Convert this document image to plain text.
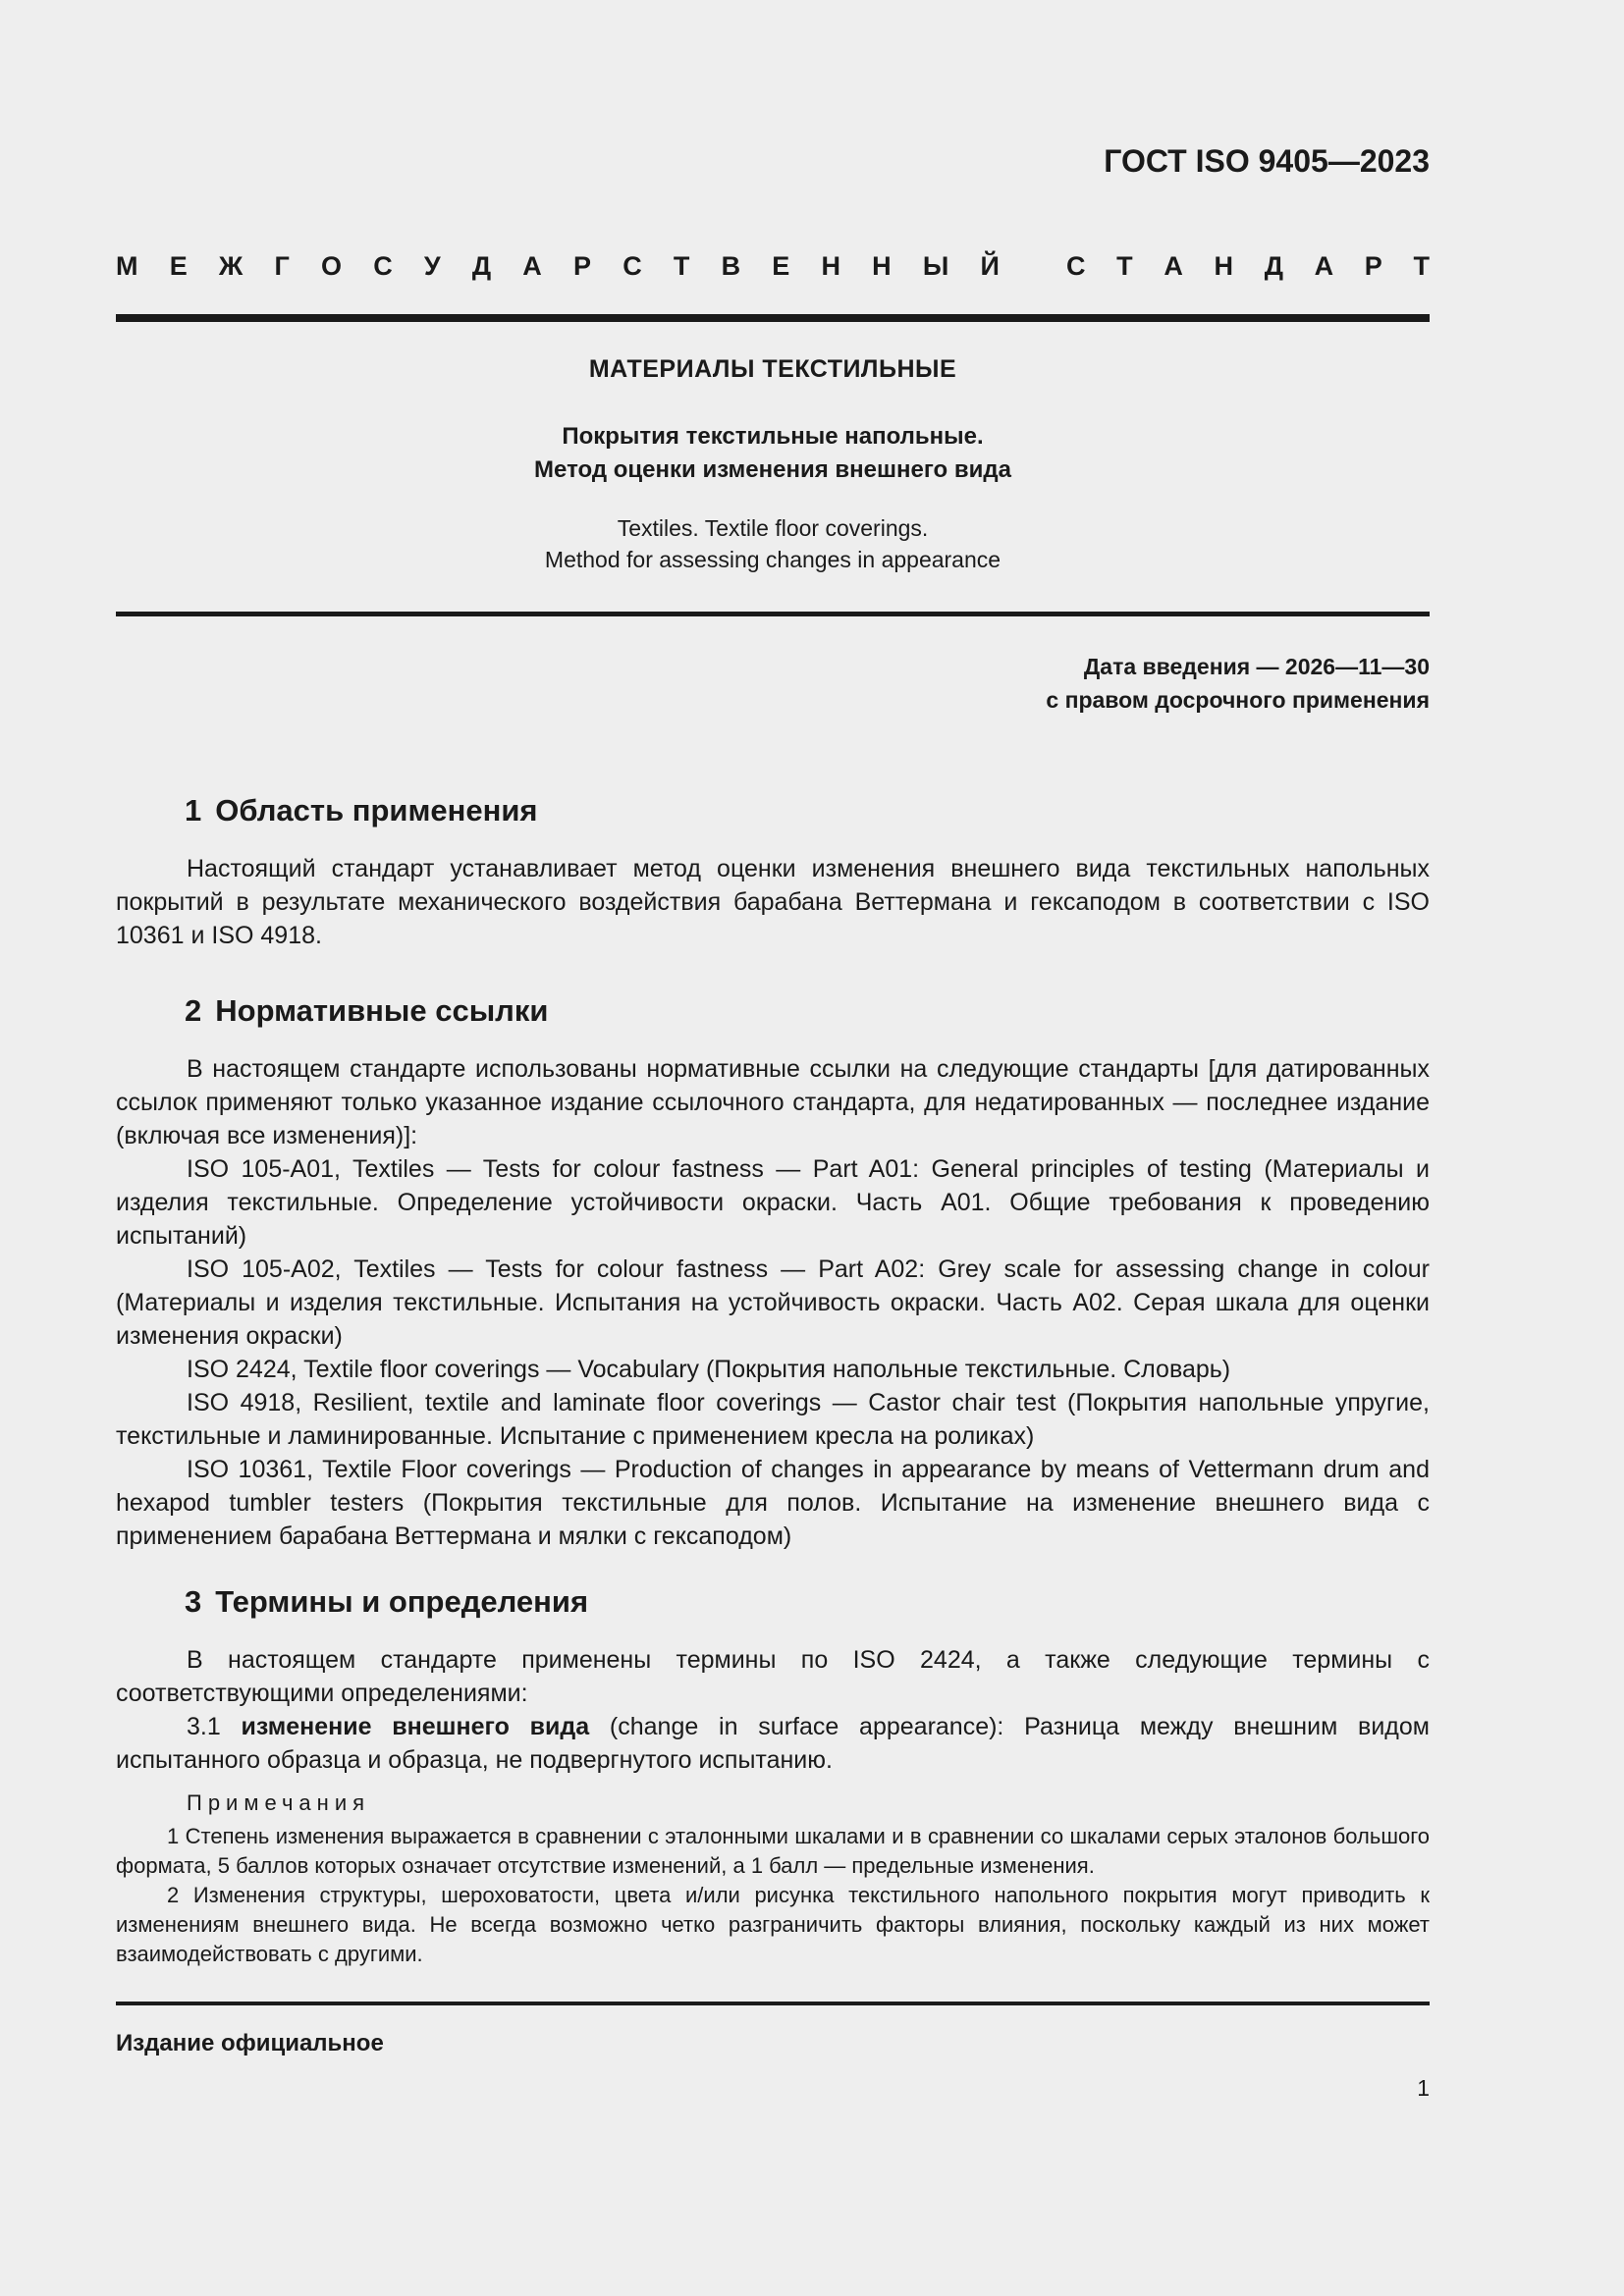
ГОСТ ISO 9405—2023
М Е Ж Г О С У Д А Р С Т В Е Н Н Ы Й	С Т А Н Д А Р Т
МАТЕРИАЛЫ ТЕКСТИЛЬНЫЕ
Покрытия текстильные напольные.
Метод оценки изменения внешнего вида
Textiles. Textile floor coverings.
Method for assessing changes in appearance
Дата введения — 2026—11—30
с правом досрочного применения
1 Область применения
Настоящий стандарт устанавливает метод оценки изменения внешнего вида текстильных напольных покрытий в результате механического воздействия барабана Веттермана и гексаподом в соответствии с ISO 10361 и ISO 4918.
2 Нормативные ссылки
В настоящем стандарте использованы нормативные ссылки на следующие стандарты [для датированных ссылок применяют только указанное издание ссылочного стандарта, для недатированных — последнее издание (включая все изменения)]:
ISO 105-A01, Textiles — Tests for colour fastness — Part A01: General principles of testing (Материалы и изделия текстильные. Определение устойчивости окраски. Часть А01. Общие требования к проведению испытаний)
ISO 105-A02, Textiles — Tests for colour fastness — Part A02: Grey scale for assessing change in colour (Материалы и изделия текстильные. Испытания на устойчивость окраски. Часть А02. Серая шкала для оценки изменения окраски)
ISO 2424, Textile floor coverings — Vocabulary (Покрытия напольные текстильные. Словарь)
ISO 4918, Resilient, textile and laminate floor coverings — Castor chair test (Покрытия напольные упругие, текстильные и ламинированные. Испытание с применением кресла на роликах)
ISO 10361, Textile Floor coverings — Production of changes in appearance by means of Vettermann drum and hexapod tumbler testers (Покрытия текстильные для полов. Испытание на изменение внешнего вида с применением барабана Веттермана и мялки с гексаподом)
3 Термины и определения
В настоящем стандарте применены термины по ISO 2424, а также следующие термины с соответствующими определениями:
3.1 изменение внешнего вида (change in surface appearance): Разница между внешним видом испытанного образца и образца, не подвергнутого испытанию.
Примечания
1 Степень изменения выражается в сравнении с эталонными шкалами и в сравнении со шкалами серых эталонов большого формата, 5 баллов которых означает отсутствие изменений, а 1 балл — предельные изменения.
2 Изменения структуры, шероховатости, цвета и/или рисунка текстильного напольного покрытия могут приводить к изменениям внешнего вида. Не всегда возможно четко разграничить факторы влияния, поскольку каждый из них может взаимодействовать с другими.
Издание официальное
1
